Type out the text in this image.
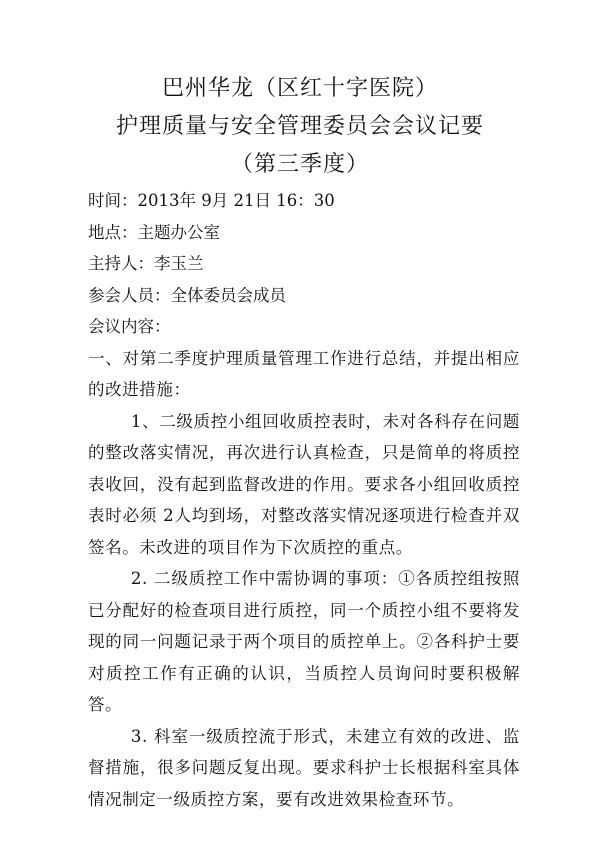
巴州华龙（区红十字医院）
护理质量与安全管理委员会会议记要
（第三季度）

时间：2013年 9月 21日 16：30

地点：主题办公室

主持人：李玉兰

参会人员：全体委员会成员

会议内容：

一、对第二季度护理质量管理工作进行总结，并提出相应的改进措施：

1、二级质控小组回收质控表时，未对各科存在问题的整改落实情况，再次进行认真检查，只是简单的将质控表收回，没有起到监督改进的作用。要求各小组回收质控表时必须 2人均到场，对整改落实情况逐项进行检查并双签名。未改进的项目作为下次质控的重点。

2. 二级质控工作中需协调的事项：①各质控组按照已分配好的检查项目进行质控，同一个质控小组不要将发现的同一问题记录于两个项目的质控单上。②各科护士要对质控工作有正确的认识，当质控人员询问时要积极解答。

3. 科室一级质控流于形式，未建立有效的改进、监督措施，很多问题反复出现。要求科护士长根据科室具体情况制定一级质控方案，要有改进效果检查环节。
